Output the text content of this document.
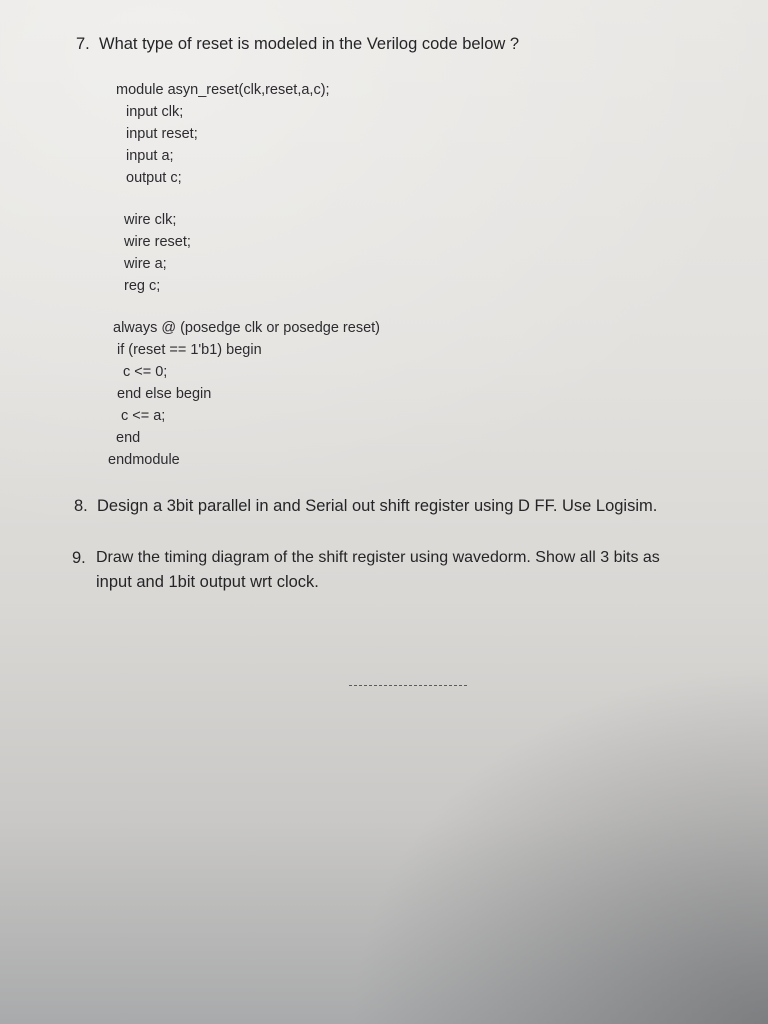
7. What type of reset is modeled in the Verilog code below ?
module asyn_reset(clk,reset,a,c);
input clk;
input reset;
input a;
output c;
wire clk;
wire reset;
wire a;
reg c;
always @ (posedge clk or posedge reset)
if (reset == 1'b1) begin
c <= 0;
end else begin
c <= a;
end
endmodule
8. Design a 3bit parallel in and Serial out shift register using D FF. Use Logisim.
9. Draw the timing diagram of the shift register using wavedorm. Show all 3 bits as
input and 1bit output wrt clock.
